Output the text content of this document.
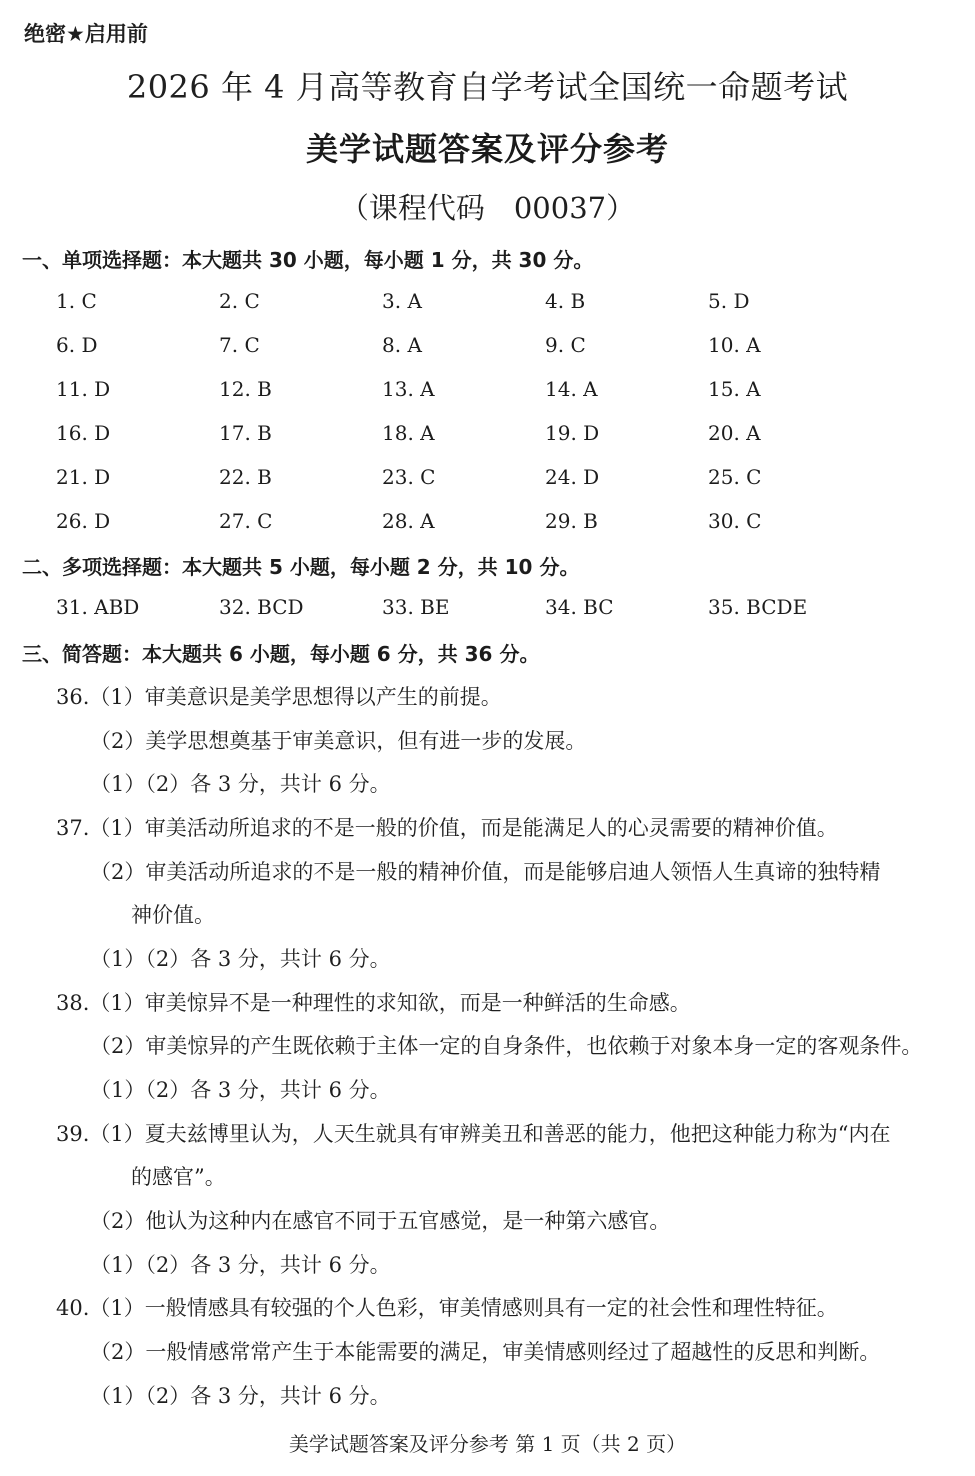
绝密★启用前
2026 年 4 月高等教育自学考试全国统一命题考试
美学试题答案及评分参考
（课程代码　00037）
一、单项选择题：本大题共 30 小题，每小题 1 分，共 30 分。
1. C	2. C	3. A	4. B	5. D
6. D	7. C	8. A	9. C	10. A
11. D	12. B	13. A	14. A	15. A
16. D	17. B	18. A	19. D	20. A
21. D	22. B	23. C	24. D	25. C
26. D	27. C	28. A	29. B	30. C
二、多项选择题：本大题共 5 小题，每小题 2 分，共 10 分。
31. ABD	32. BCD	33. BE	34. BC	35. BCDE
三、简答题：本大题共 6 小题，每小题 6 分，共 36 分。
36.（1）审美意识是美学思想得以产生的前提。
（2）美学思想奠基于审美意识，但有进一步的发展。
（1）（2）各 3 分，共计 6 分。
37.（1）审美活动所追求的不是一般的价值，而是能满足人的心灵需要的精神价值。
（2）审美活动所追求的不是一般的精神价值，而是能够启迪人领悟人生真谛的独特精
神价值。
（1）（2）各 3 分，共计 6 分。
38.（1）审美惊异不是一种理性的求知欲，而是一种鲜活的生命感。
（2）审美惊异的产生既依赖于主体一定的自身条件，也依赖于对象本身一定的客观条件。
（1）（2）各 3 分，共计 6 分。
39.（1）夏夫兹博里认为，人天生就具有审辨美丑和善恶的能力，他把这种能力称为“内在
的感官”。
（2）他认为这种内在感官不同于五官感觉，是一种第六感官。
（1）（2）各 3 分，共计 6 分。
40.（1）一般情感具有较强的个人色彩，审美情感则具有一定的社会性和理性特征。
（2）一般情感常常产生于本能需要的满足，审美情感则经过了超越性的反思和判断。
（1）（2）各 3 分，共计 6 分。
美学试题答案及评分参考 第 1 页（共 2 页）
